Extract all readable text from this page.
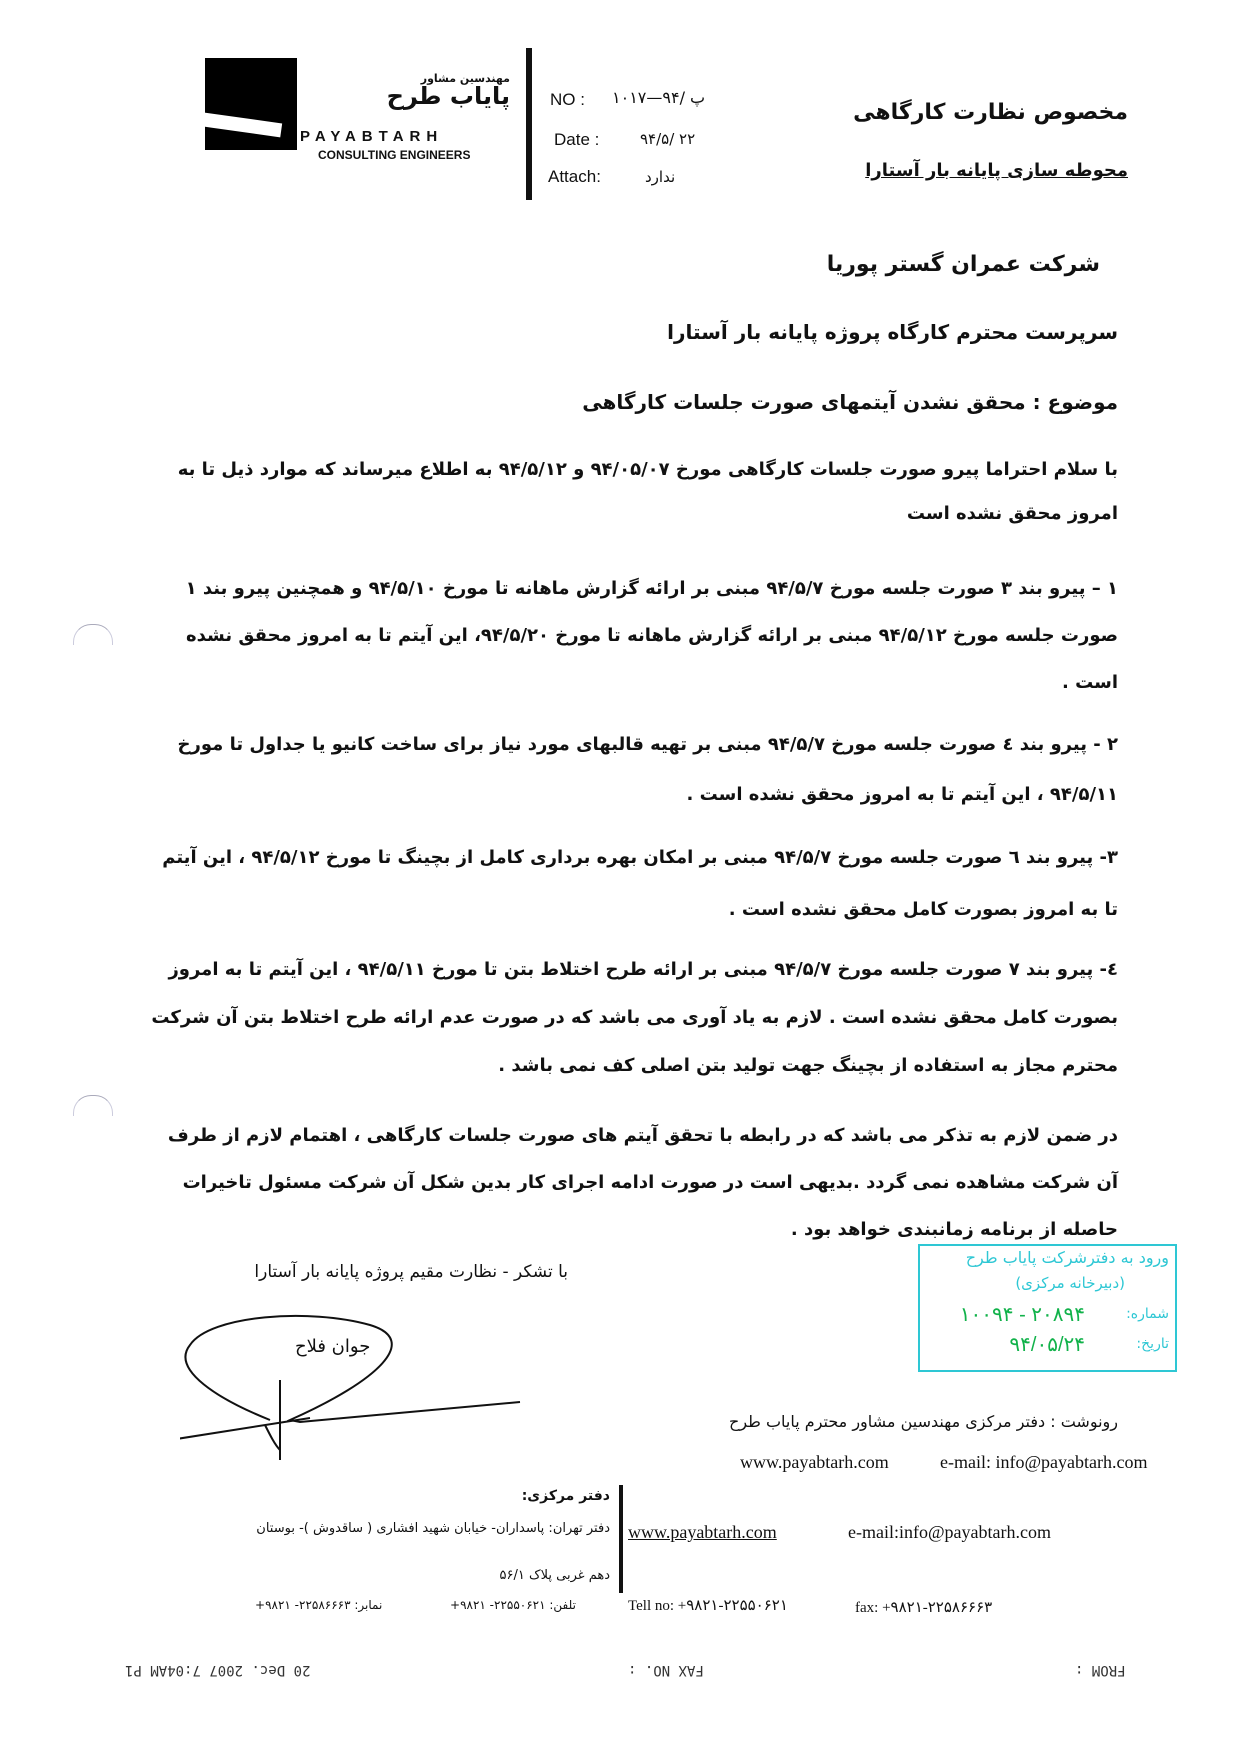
مهندسین مشاور
پایاب طرح
PAYABTARH
CONSULTING ENGINEERS
NO : پ /۹۴—۱۰۱۷
Date :	۹۴/۵/ ۲۲
Attach:	ندارد
مخصوص نظارت کارگاهی
محوطه سازی پایانه بار آستارا
شرکت عمران گستر پوریا
سرپرست محترم کارگاه پروژه پایانه بار آستارا
موضوع : محقق نشدن آیتمهای صورت جلسات کارگاهی
با سلام احتراما پیرو صورت جلسات کارگاهی مورخ ۹۴/۰۵/۰۷ و ۹۴/۵/۱۲ به اطلاع میرساند که موارد ذیل تا به امروز محقق نشده است
۱ – پیرو بند ۳ صورت جلسه مورخ ۹۴/۵/۷ مبنی بر ارائه گزارش ماهانه تا مورخ ۹۴/۵/۱۰ و همچنین پیرو بند ۱ صورت جلسه مورخ ۹۴/۵/۱۲ مبنی بر ارائه گزارش ماهانه تا مورخ ۹۴/۵/۲۰، این آیتم تا به امروز محقق نشده است .
۲ - پیرو بند ٤ صورت جلسه مورخ ۹۴/۵/۷ مبنی بر تهیه قالبهای مورد نیاز برای ساخت کانیو یا جداول تا مورخ ۹۴/۵/۱۱ ، این آیتم تا به امروز محقق نشده است .
۳- پیرو بند ٦ صورت جلسه مورخ ۹۴/۵/۷ مبنی بر امکان بهره برداری کامل از بچینگ تا مورخ ۹۴/۵/۱۲ ، این آیتم تا به امروز بصورت کامل محقق نشده است .
٤- پیرو بند ۷ صورت جلسه مورخ ۹۴/۵/۷ مبنی بر ارائه طرح اختلاط بتن تا مورخ ۹۴/۵/۱۱ ، این آیتم تا به امروز بصورت کامل محقق نشده است . لازم به یاد آوری می باشد که در صورت عدم ارائه طرح اختلاط بتن آن شرکت محترم مجاز به استفاده از بچینگ جهت تولید بتن اصلی کف نمی باشد .
در ضمن لازم به تذکر می باشد که در رابطه با تحقق آیتم های صورت جلسات کارگاهی ، اهتمام لازم از طرف آن شرکت مشاهده نمی گردد .بدیهی است در صورت ادامه اجرای کار بدین شکل آن شرکت مسئول تاخیرات حاصله از برنامه زمانبندی خواهد بود .
با تشکر - نظارت مقیم پروژه پایانه بار آستارا
جوان فلاح
ورود به دفترشرکت پایاب طرح
(دبیرخانه مرکزی)
شماره:
۱۰۰۹۴ - ۲۰۸۹۴
تاریخ:
۹۴/۰۵/۲۴
رونوشت : دفتر مرکزی مهندسین مشاور محترم پایاب طرح
www.payabtarh.com	e-mail: info@payabtarh.com
دفتر مرکزی:
دفتر تهران: پاسداران- خیابان شهید افشاری ( ساقدوش )- بوستان
دهم غربی پلاک ۵۶/۱
تلفن: ۲۲۵۵۰۶۲۱- ۹۸۲۱+
نمابر: ۲۲۵۸۶۶۶۳- ۹۸۲۱+
www.payabtarh.com	e-mail:info@payabtarh.com
Tell no: +۹۸۲۱-۲۲۵۵۰۶۲۱	fax: +۹۸۲۱-۲۲۵۸۶۶۶۳
20 Dec. 2007 7:04AM P1	FAX NO. :	FROM :
